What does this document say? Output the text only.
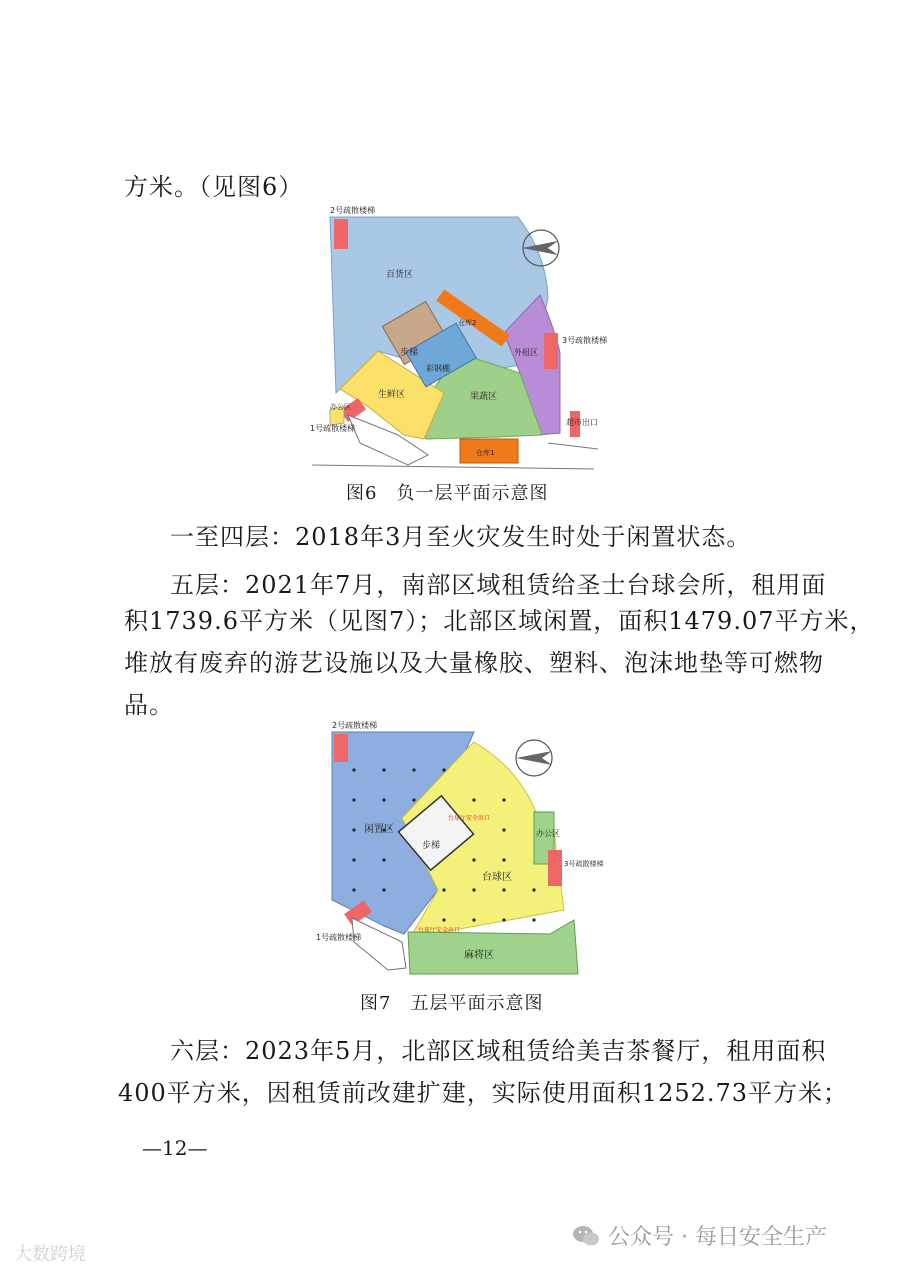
方米。（见图6）
2号疏散楼梯
百货区
仓库2
步梯
彩钢棚
3号疏散楼梯
外租区
生鲜区	果蔬区
办公区
1号疏散楼梯
超市出口
仓库1
图6　负一层平面示意图
一至四层：2018年3月至火灾发生时处于闲置状态。
五层：2021年7月，南部区域租赁给圣士台球会所，租用面
积1739.6平方米（见图7）；北部区域闲置，面积1479.07平方米，
堆放有废弃的游艺设施以及大量橡胶、塑料、泡沫地垫等可燃物
品。
2号疏散楼梯
闲置区
台球厅安全出口
步梯
办公区
3号疏散楼梯
台球区
台球厅安全出口
1号疏散楼梯
麻将区
图7　五层平面示意图
六层：2023年5月，北部区域租赁给美吉茶餐厅，租用面积
400平方米，因租赁前改建扩建，实际使用面积1252.73平方米；
—12—
公众号 · 每日安全生产
大数跨境
